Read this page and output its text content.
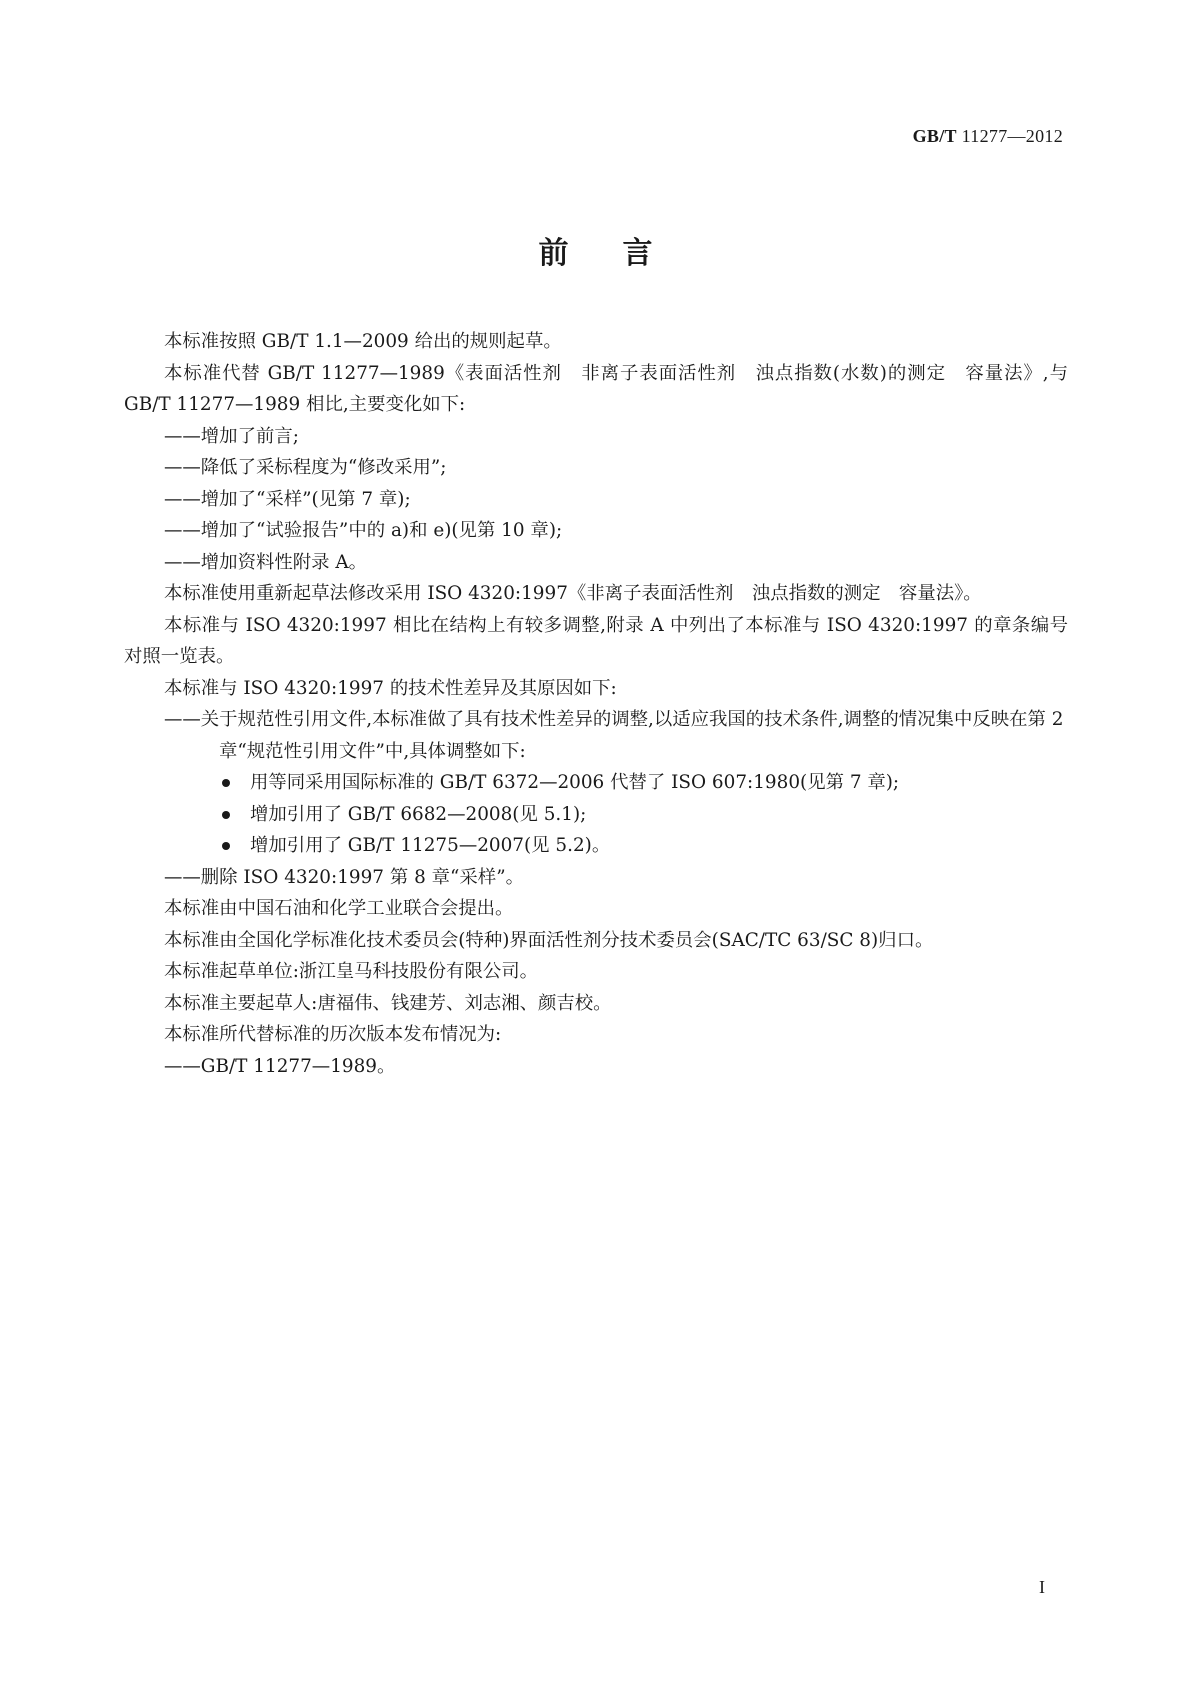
GB/T 11277—2012
前言

本标准按照 GB/T 1.1—2009 给出的规则起草。

本标准代替 GB/T 11277—1989《表面活性剂　非离子表面活性剂　浊点指数(水数)的测定　容量法》,与 GB/T 11277—1989 相比,主要变化如下:

——增加了前言;
——降低了采标程度为“修改采用”;
——增加了“采样”(见第 7 章);
——增加了“试验报告”中的 a)和 e)(见第 10 章);
——增加资料性附录 A。

本标准使用重新起草法修改采用 ISO 4320:1997《非离子表面活性剂　浊点指数的测定　容量法》。

本标准与 ISO 4320:1997 相比在结构上有较多调整,附录 A 中列出了本标准与 ISO 4320:1997 的章条编号对照一览表。

本标准与 ISO 4320:1997 的技术性差异及其原因如下:

——关于规范性引用文件,本标准做了具有技术性差异的调整,以适应我国的技术条件,调整的情况集中反映在第 2 章“规范性引用文件”中,具体调整如下:
用等同采用国际标准的 GB/T 6372—2006 代替了 ISO 607:1980(见第 7 章);
增加引用了 GB/T 6682—2008(见 5.1);
增加引用了 GB/T 11275—2007(见 5.2)。
——删除 ISO 4320:1997 第 8 章“采样”。

本标准由中国石油和化学工业联合会提出。

本标准由全国化学标准化技术委员会(特种)界面活性剂分技术委员会(SAC/TC 63/SC 8)归口。

本标准起草单位:浙江皇马科技股份有限公司。

本标准主要起草人:唐福伟、钱建芳、刘志湘、颜吉校。

本标准所代替标准的历次版本发布情况为:

——GB/T 11277—1989。
I
